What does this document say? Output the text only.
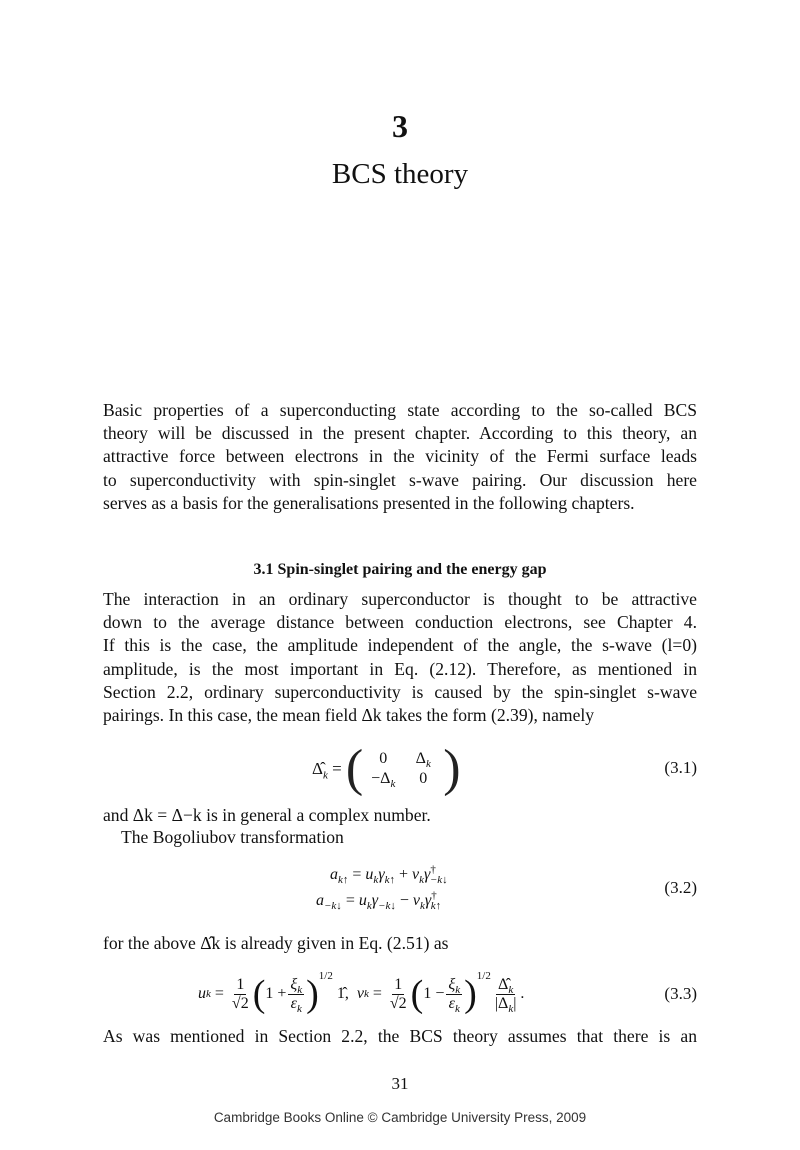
3
BCS theory
Basic properties of a superconducting state according to the so-called BCS
theory will be discussed in the present chapter. According to this theory, an
attractive force between electrons in the vicinity of the Fermi surface leads
to superconductivity with spin-singlet s-wave pairing. Our discussion here
serves as a basis for the generalisations presented in the following chapters.
3.1 Spin-singlet pairing and the energy gap
The interaction in an ordinary superconductor is thought to be attractive
down to the average distance between conduction electrons, see Chapter 4.
If this is the case, the amplitude independent of the angle, the s-wave (l=0)
amplitude, is the most important in Eq. (2.12). Therefore, as mentioned in
Section 2.2, ordinary superconductivity is caused by the spin-singlet s-wave
pairings. In this case, the mean field Δk takes the form (2.39), namely
$\Deltâ_k$ = (	0	$\Delta_k$
$-\Delta_k$	0 )	(3.1)
and Δk = Δ−k is in general a complex number.
The Bogoliubov transformation
$a_{k↑} = u_k\gamma_{k↑} + v_k\gamma^\dagger_{-k↓}$
$a_{-k↓} = u_k\gamma_{-k↓} - v_k\gamma^\dagger_{k↑}$
(3.2)
for the above Δ̂k is already given in Eq. (2.51) as
u $k = \frac{1}{√2}$ ( $1 + \frac{\xi_k}{\varepsilon_k} )^{1/2}$
1̂, v $k = \frac{1}{√2}$ ( $1 - \frac{\xi_k}{\varepsilon_k} )^{1/2} \frac{\Deltâ_k}{|\Delta_k|}$ .	(3.3)
As was mentioned in Section 2.2, the BCS theory assumes that there is an
31
Cambridge Books Online © Cambridge University Press, 2009
